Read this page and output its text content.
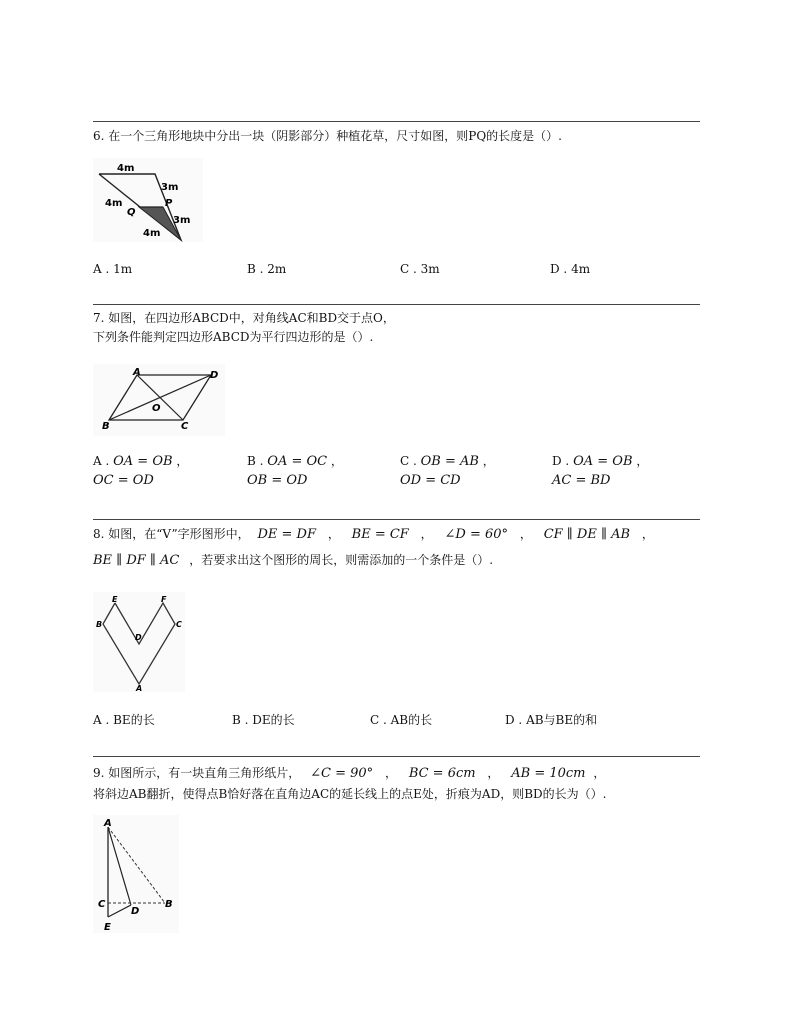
6. 在一个三角形地块中分出一块（阴影部分）种植花草，尺寸如图，则PQ的长度是（）.
4m
3m
4m	P
Q
3m
4m
A . 1m	B . 2m	C . 3m	D . 4m
7. 如图，在四边形ABCD中，对角线AC和BD交于点O，
下列条件能判定四边形ABCD为平行四边形的是（）.
A	D
O
B	C
A . OA = OB ，
OC = OD
B . OA = OC ，
OB = OD
C . OB = AB ，
OD = CD
D . OA = OB ，
AC = BD
8. 如图，在“V”字形图形中， DE = DF ， BE = CF ， ∠D = 60° ， CF ∥ DE ∥ AB ，
BE ∥ DF ∥ AC ，若要求出这个图形的周长，则需添加的一个条件是（）.
E	F
B	C
D
A
A . BE的长	B . DE的长	C . AB的长	D . AB与BE的和
9. 如图所示，有一块直角三角形纸片， ∠C = 90° ， BC = 6cm ， AB = 10cm ，
将斜边AB翻折，使得点B恰好落在直角边AC的延长线上的点E处，折痕为AD，则BD的长为（）.
A
C
D
B
E
